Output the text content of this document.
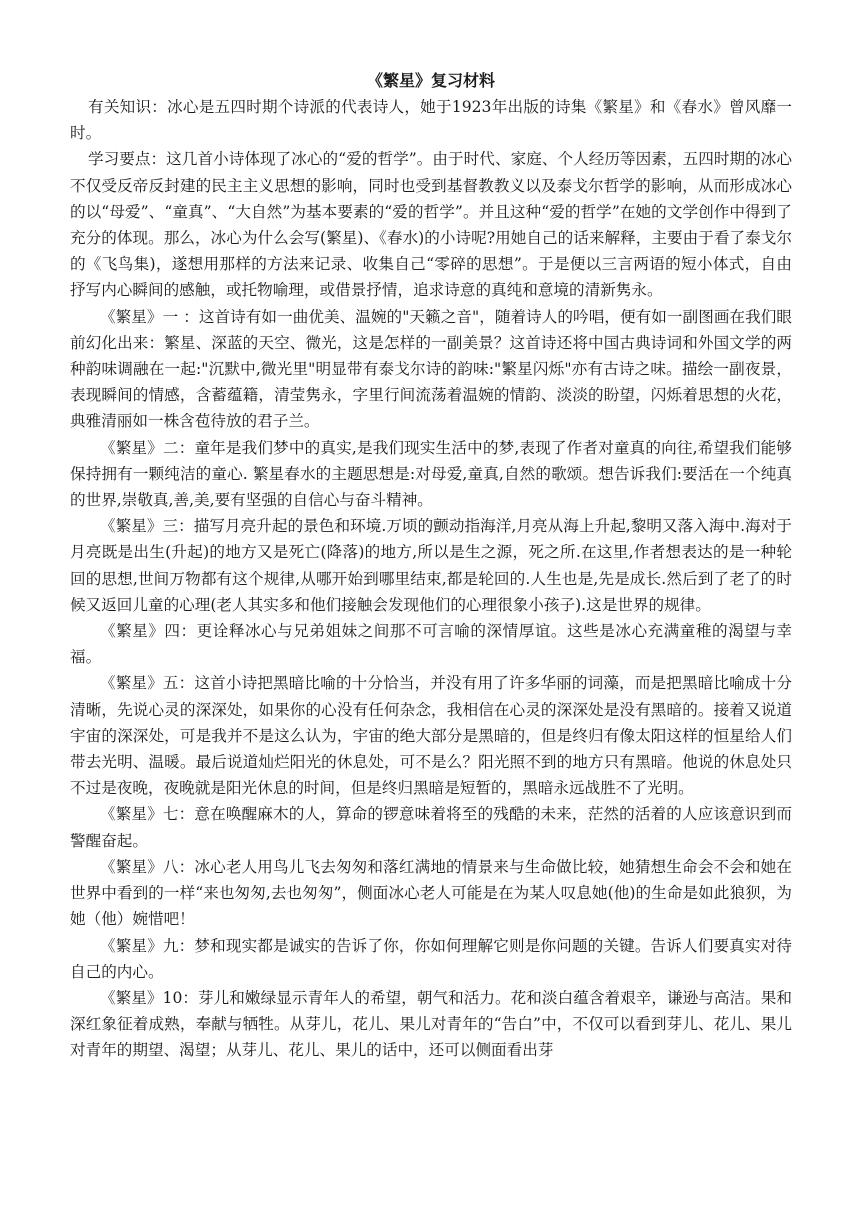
《繁星》复习材料

有关知识：冰心是五四时期个诗派的代表诗人，她于1923年出版的诗集《繁星》和《春水》曾风靡一时。

学习要点：这几首小诗体现了冰心的“爱的哲学”。由于时代、家庭、个人经历等因素，五四时期的冰心不仅受反帝反封建的民主主义思想的影响，同时也受到基督教教义以及泰戈尔哲学的影响，从而形成冰心的以“母爱”、“童真”、“大自然”为基本要素的“爱的哲学”。并且这种“爱的哲学”在她的文学创作中得到了充分的体现。那么，冰心为什么会写(繁星)、《春水)的小诗呢?用她自己的话来解释，主要由于看了泰戈尔的《飞鸟集)，遂想用那样的方法来记录、收集自己“零碎的思想”。于是便以三言两语的短小体式，自由抒写内心瞬间的感触，或托物喻理，或借景抒情，追求诗意的真纯和意境的清新隽永。

《繁星》一 ：这首诗有如一曲优美、温婉的"天籁之音"，随着诗人的吟唱，便有如一副图画在我们眼前幻化出来：繁星、深蓝的天空、微光，这是怎样的一副美景？这首诗还将中国古典诗词和外国文学的两种韵味调融在一起:"沉默中,微光里"明显带有泰戈尔诗的韵味:"繁星闪烁"亦有古诗之味。描绘一副夜景，表现瞬间的情感，含蓄蕴籍，清莹隽永，字里行间流荡着温婉的情韵、淡淡的盼望，闪烁着思想的火花，典雅清丽如一株含苞待放的君子兰。

《繁星》二：童年是我们梦中的真实,是我们现实生活中的梦,表现了作者对童真的向往,希望我们能够保持拥有一颗纯洁的童心. 繁星春水的主题思想是:对母爱,童真,自然的歌颂。想告诉我们:要活在一个纯真的世界,崇敬真,善,美,要有坚强的自信心与奋斗精神。

《繁星》三：描写月亮升起的景色和环境.万顷的颤动指海洋,月亮从海上升起,黎明又落入海中.海对于月亮既是出生(升起)的地方又是死亡(降落)的地方,所以是生之源，死之所.在这里,作者想表达的是一种轮回的思想,世间万物都有这个规律,从哪开始到哪里结束,都是轮回的.人生也是,先是成长.然后到了老了的时候又返回儿童的心理(老人其实多和他们接触会发现他们的心理很象小孩子).这是世界的规律。

《繁星》四：更诠释冰心与兄弟姐妹之间那不可言喻的深情厚谊。这些是冰心充满童稚的渴望与幸福。

《繁星》五：这首小诗把黑暗比喻的十分恰当，并没有用了许多华丽的词藻，而是把黑暗比喻成十分清晰，先说心灵的深深处，如果你的心没有任何杂念，我相信在心灵的深深处是没有黑暗的。接着又说道宇宙的深深处，可是我并不是这么认为，宇宙的绝大部分是黑暗的，但是终归有像太阳这样的恒星给人们带去光明、温暖。最后说道灿烂阳光的休息处，可不是么？阳光照不到的地方只有黑暗。他说的休息处只不过是夜晚，夜晚就是阳光休息的时间，但是终归黑暗是短暂的，黑暗永远战胜不了光明。

《繁星》七：意在唤醒麻木的人，算命的锣意味着将至的残酷的未来，茫然的活着的人应该意识到而警醒奋起。

《繁星》八：冰心老人用鸟儿飞去匆匆和落红满地的情景来与生命做比较，她猜想生命会不会和她在世界中看到的一样“来也匆匆,去也匆匆”，侧面冰心老人可能是在为某人叹息她(他)的生命是如此狼狈，为她（他）婉惜吧！

《繁星》九：梦和现实都是诚实的告诉了你，你如何理解它则是你问题的关键。告诉人们要真实对待自己的内心。

《繁星》10：芽儿和嫩绿显示青年人的希望，朝气和活力。花和淡白蕴含着艰辛，谦逊与高洁。果和深红象征着成熟，奉献与牺牲。从芽儿，花儿、果儿对青年的“告白”中，不仅可以看到芽儿、花儿、果儿对青年的期望、渴望；从芽儿、花儿、果儿的话中，还可以侧面看出芽
